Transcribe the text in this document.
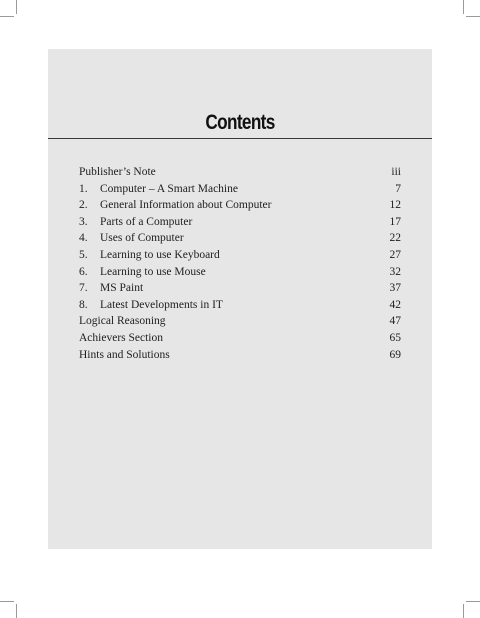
Contents
Publisher’s Note	iii
1.	Computer – A Smart Machine	7
2.	General Information about Computer	12
3.	Parts of a Computer	17
4.	Uses of Computer	22
5.	Learning to use Keyboard	27
6.	Learning to use Mouse	32
7.	MS Paint	37
8.	Latest Developments in IT	42
Logical Reasoning	47
Achievers Section	65
Hints and Solutions	69
